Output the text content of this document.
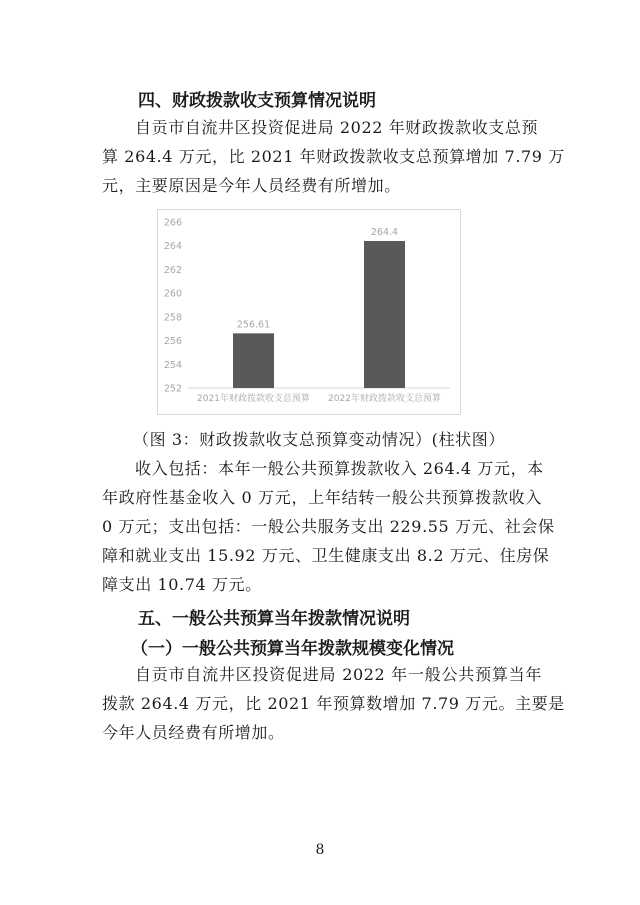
四、财政拨款收支预算情况说明

自贡市自流井区投资促进局 2022 年财政拨款收支总预
算 264.4 万元，比 2021 年财政拨款收支总预算增加 7.79 万
元，主要原因是今年人员经费有所增加。

252
254
256
258
260
262
264
266
256.61
2021年财政拨款收支总预算
264.4
2022年财政拨款收支总预算
（图 3：财政拨款收支总预算变动情况）(柱状图）

收入包括：本年一般公共预算拨款收入 264.4 万元，本
年政府性基金收入 0 万元，上年结转一般公共预算拨款收入
0 万元；支出包括：一般公共服务支出 229.55 万元、社会保
障和就业支出 15.92 万元、卫生健康支出 8.2 万元、住房保
障支出 10.74 万元。

五、一般公共预算当年拨款情况说明
（一）一般公共预算当年拨款规模变化情况

自贡市自流井区投资促进局 2022 年一般公共预算当年
拨款 264.4 万元，比 2021 年预算数增加 7.79 万元。主要是
今年人员经费有所增加。

8
